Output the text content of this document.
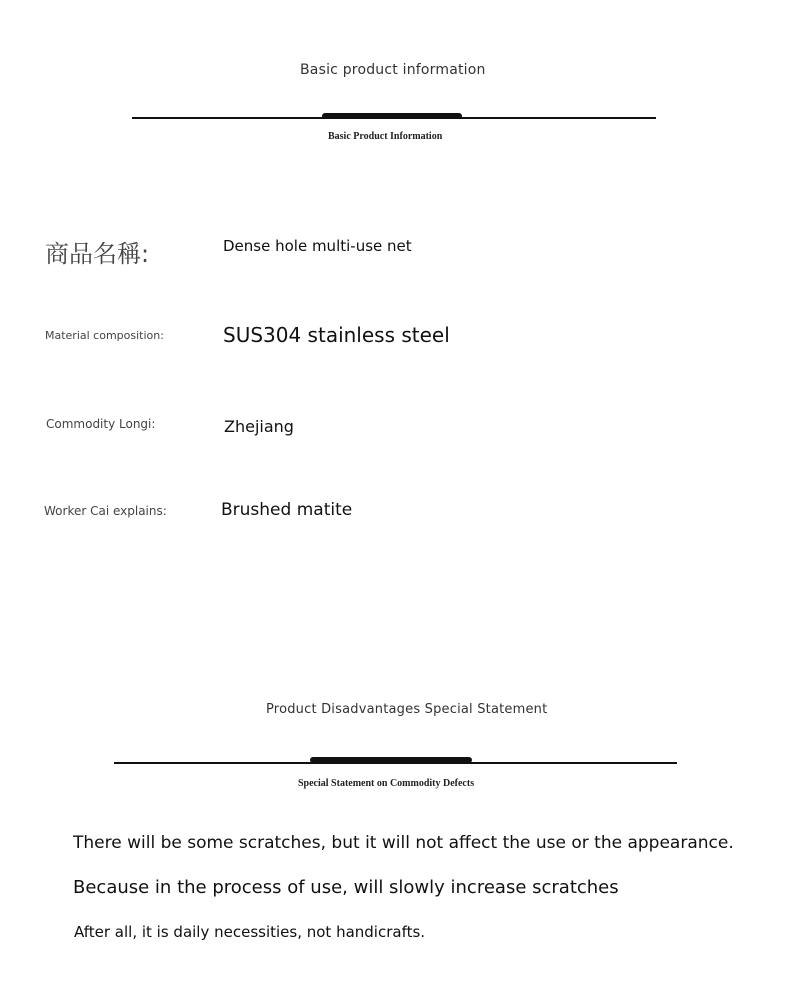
Basic product information
Basic Product Information
商品名稱:	Dense hole multi-use net
Material composition:	SUS304 stainless steel
Commodity Longi:	Zhejiang
Worker Cai explains:	Brushed matite
Product Disadvantages Special Statement
Special Statement on Commodity Defects
There will be some scratches, but it will not affect the use or the appearance.
Because in the process of use, will slowly increase scratches
After all, it is daily necessities, not handicrafts.
